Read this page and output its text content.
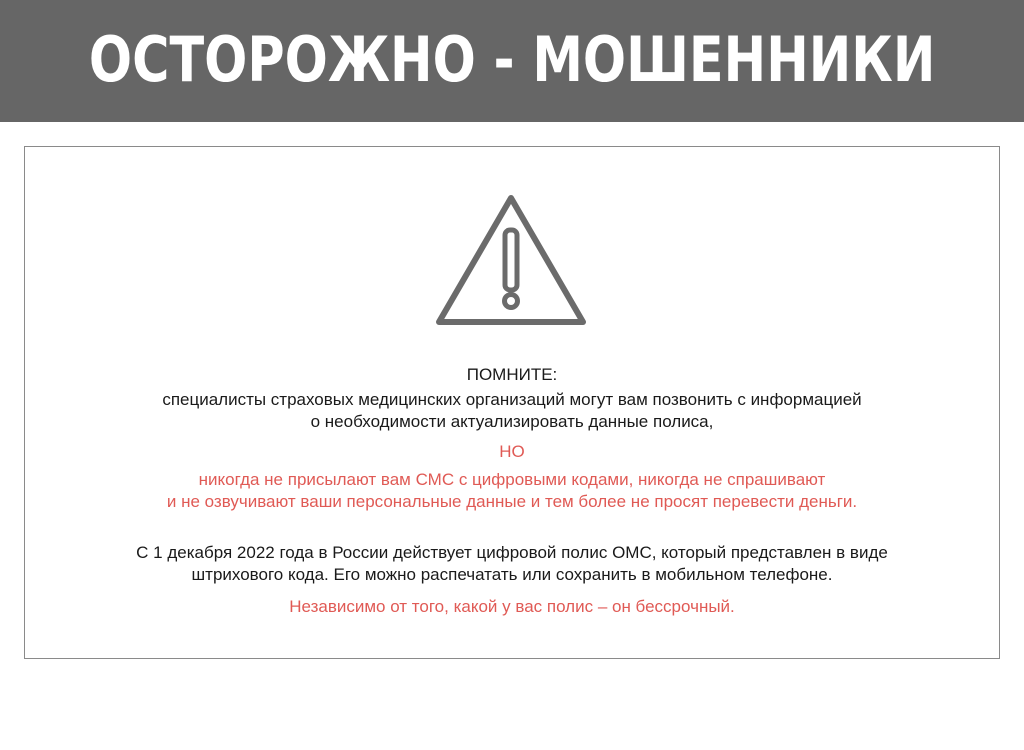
ОСТОРОЖНО - МОШЕННИКИ
ПОМНИТЕ:
специалисты страховых медицинских организаций могут вам позвонить с информацией
о необходимости актуализировать данные полиса,
НО
никогда не присылают вам СМС с цифровыми кодами, никогда не спрашивают
и не озвучивают ваши персональные данные и тем более не просят перевести деньги.
С 1 декабря 2022 года в России действует цифровой полис ОМС, который представлен в виде
штрихового кода. Его можно распечатать или сохранить в мобильном телефоне.
Независимо от того, какой у вас полис – он бессрочный.
